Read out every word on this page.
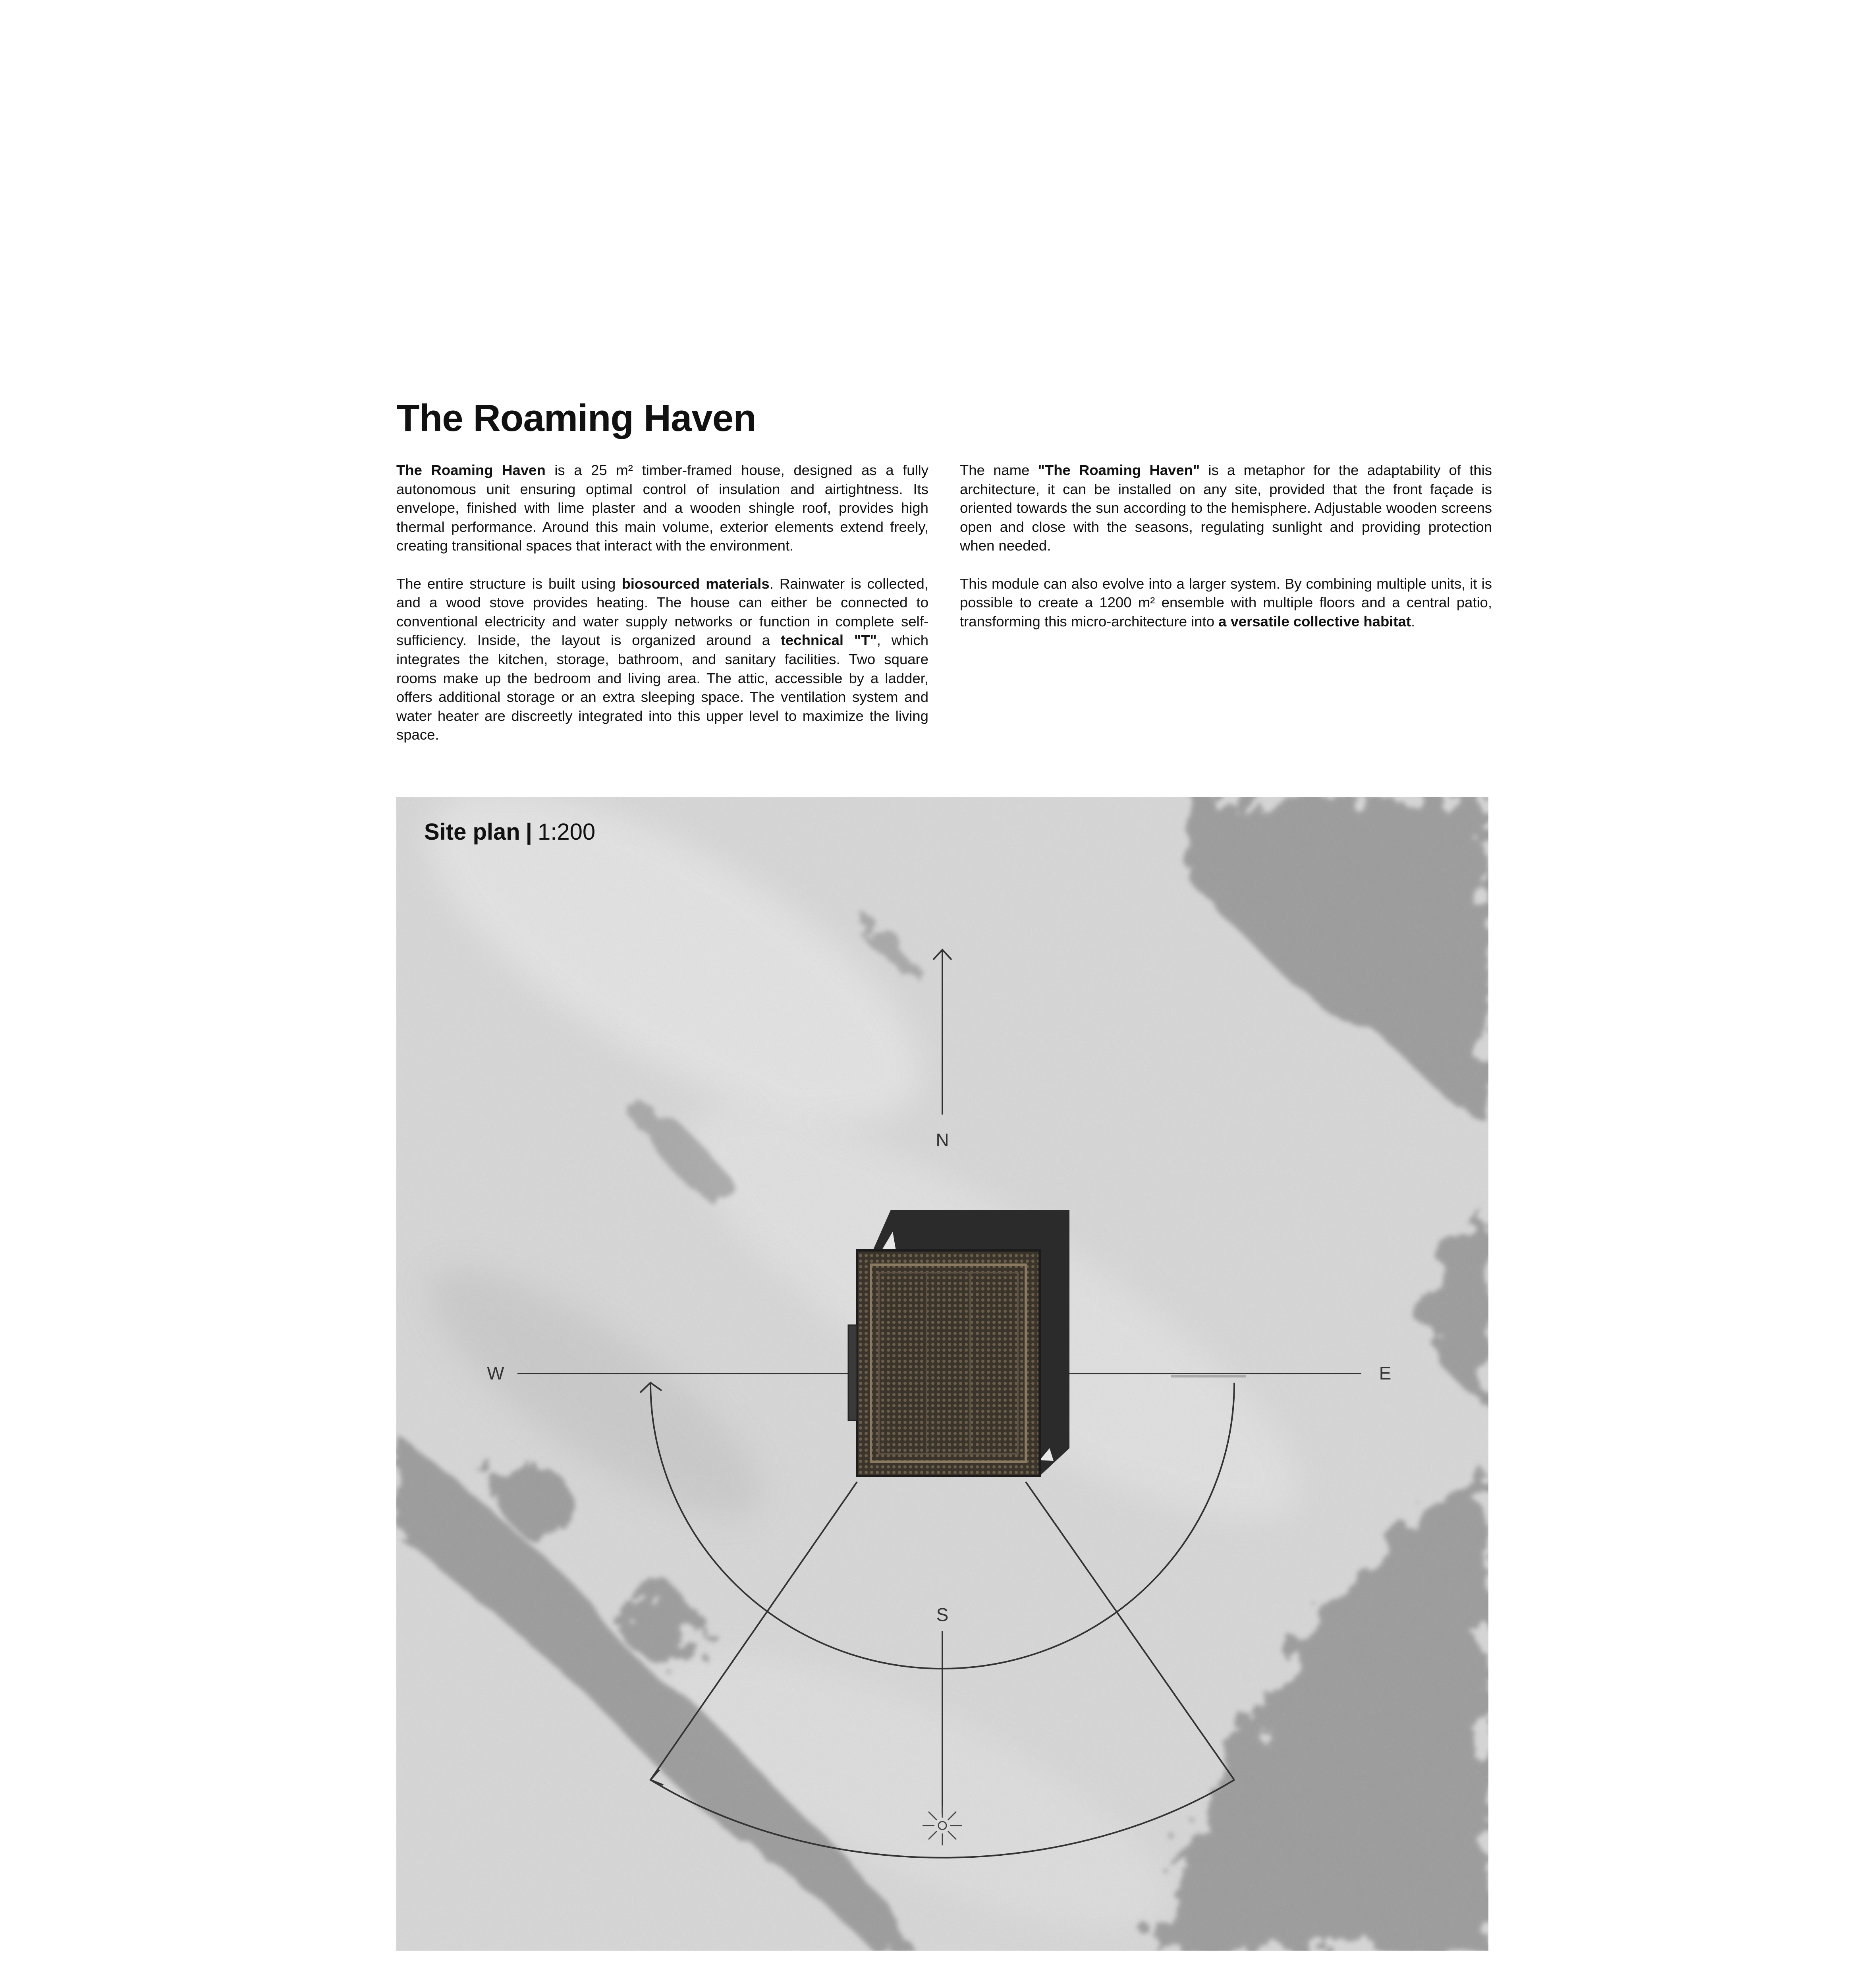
The Roaming Haven

The Roaming Haven is a 25 m² timber-framed house, designed as a fully autonomous unit ensuring optimal control of insulation and airtightness. Its envelope, finished with lime plaster and a wooden shingle roof, provides high thermal performance. Around this main volume, exterior elements extend freely, creating transitional spaces that interact with the environment.

The entire structure is built using biosourced materials. Rainwater is collected, and a wood stove provides heating. The house can either be connected to conventional electricity and water supply networks or function in complete self-sufficiency. Inside, the layout is organized around a technical "T", which integrates the kitchen, storage, bathroom, and sanitary facilities. Two square rooms make up the bedroom and living area. The attic, accessible by a ladder, offers additional storage or an extra sleeping space. The ventilation system and water heater are discreetly integrated into this upper level to maximize the living space.

The name "The Roaming Haven" is a metaphor for the adaptability of this architecture, it can be installed on any site, provided that the front façade is oriented towards the sun according to the hemisphere. Adjustable wooden screens open and close with the seasons, regulating sunlight and providing protection when needed.

This module can also evolve into a larger system. By combining multiple units, it is possible to create a 1200 m² ensemble with multiple floors and a central patio, transforming this micro-architecture into a versatile collective habitat.

N
W	E
S
Site plan | 1:200
